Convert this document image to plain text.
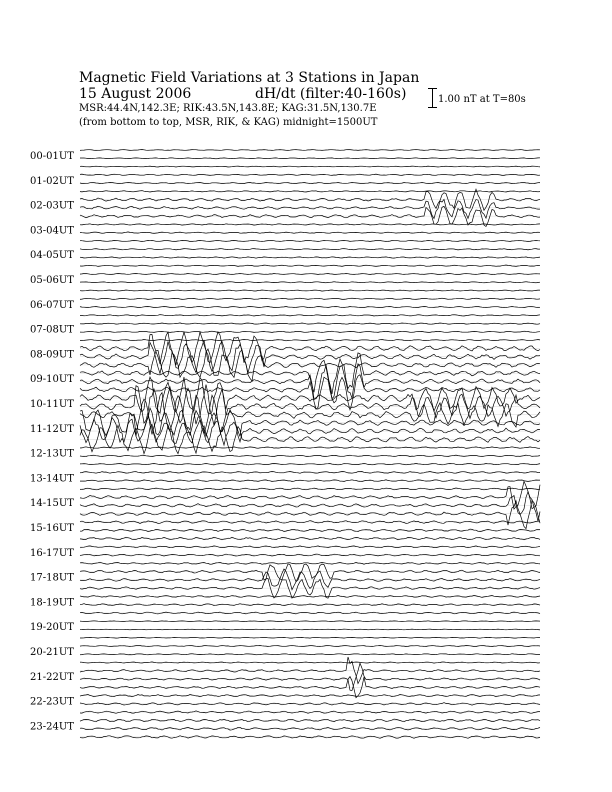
Magnetic Field Variations at 3 Stations in Japan
15 August 2006	dH/dt (filter:40-160s)
MSR:44.4N,142.3E; RIK:43.5N,143.8E; KAG:31.5N,130.7E
(from bottom to top, MSR, RIK, & KAG) midnight=1500UT
1.00 nT at T=80s
00-01UT
01-02UT
02-03UT
03-04UT
04-05UT
05-06UT
06-07UT
07-08UT
08-09UT
09-10UT
10-11UT
11-12UT
12-13UT
13-14UT
14-15UT
15-16UT
16-17UT
17-18UT
18-19UT
19-20UT
20-21UT
21-22UT
22-23UT
23-24UT
